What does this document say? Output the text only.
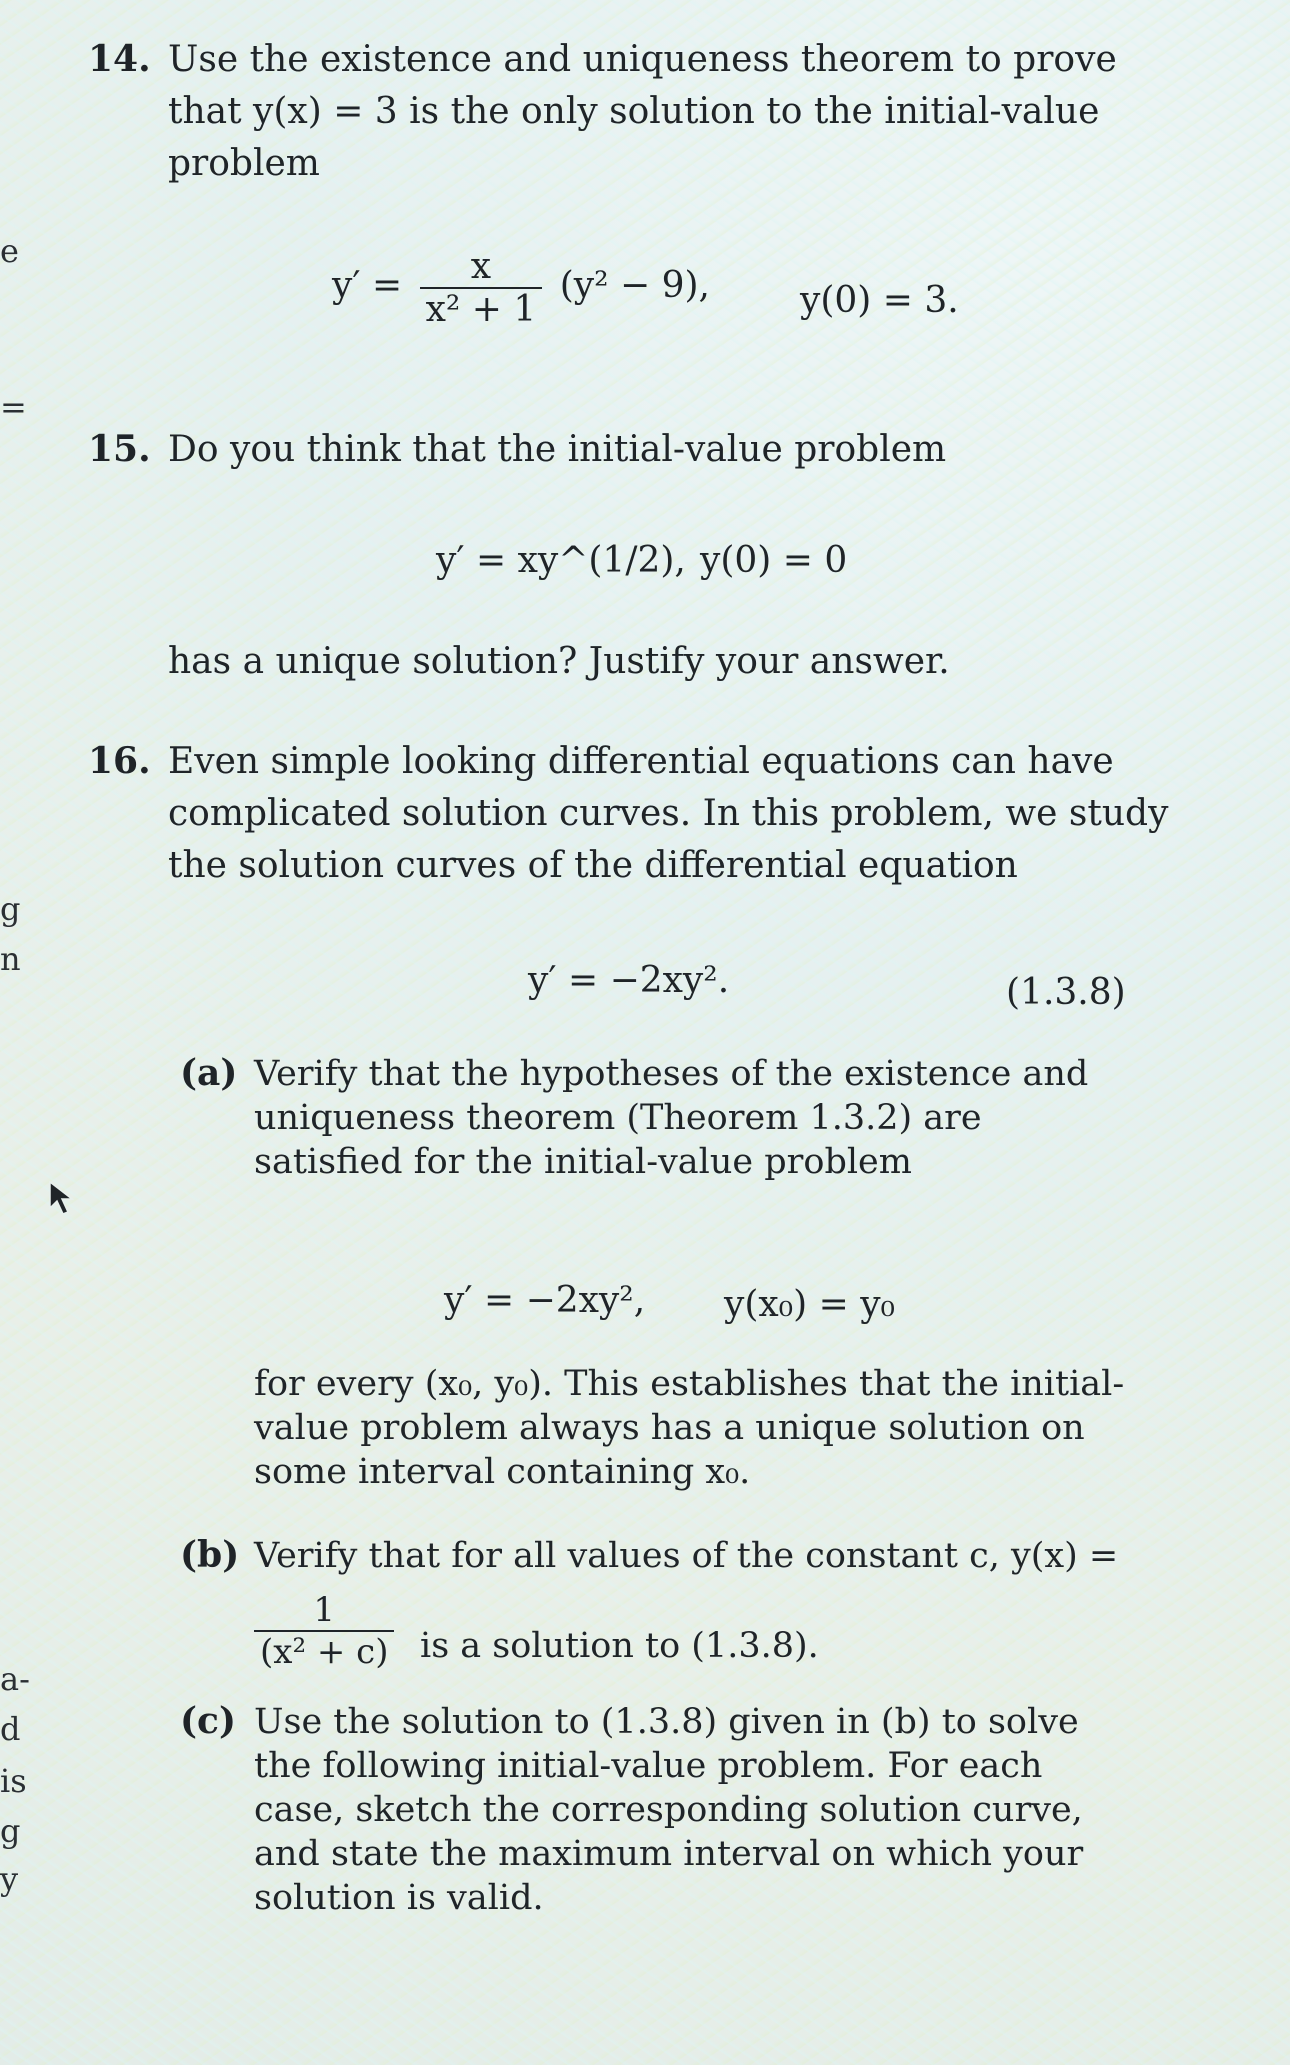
e
=
g
n
a-
d
is
g
y
14. Use the existence and uniqueness theorem to prove that y(x) = 3 is the only solution to the initial-value problem
$y' = \frac{x}{\text{x² + 1}} (y^2 - 9)$,	y(0) = 3.
15. Do you think that the initial-value problem
y′ = xy^(1/2), y(0) = 0
has a unique solution? Justify your answer.
16. Even simple looking differential equations can have complicated solution curves. In this problem, we study the solution curves of the differential equation
y′ = −2xy².	(1.3.8)
(a) Verify that the hypotheses of the existence and uniqueness theorem (Theorem 1.3.2) are satisfied for the initial-value problem
y′ = −2xy², y(x₀) = y₀
for every (x₀, y₀). This establishes that the initial-value problem always has a unique solution on some interval containing x₀.
(b) Verify that for all values of the constant c, y(x) =
$\frac{1}{\text{(x² + c)}}$ is a solution to (1.3.8).
(c) Use the solution to (1.3.8) given in (b) to solve the following initial-value problem. For each case, sketch the corresponding solution curve, and state the maximum interval on which your solution is valid.
